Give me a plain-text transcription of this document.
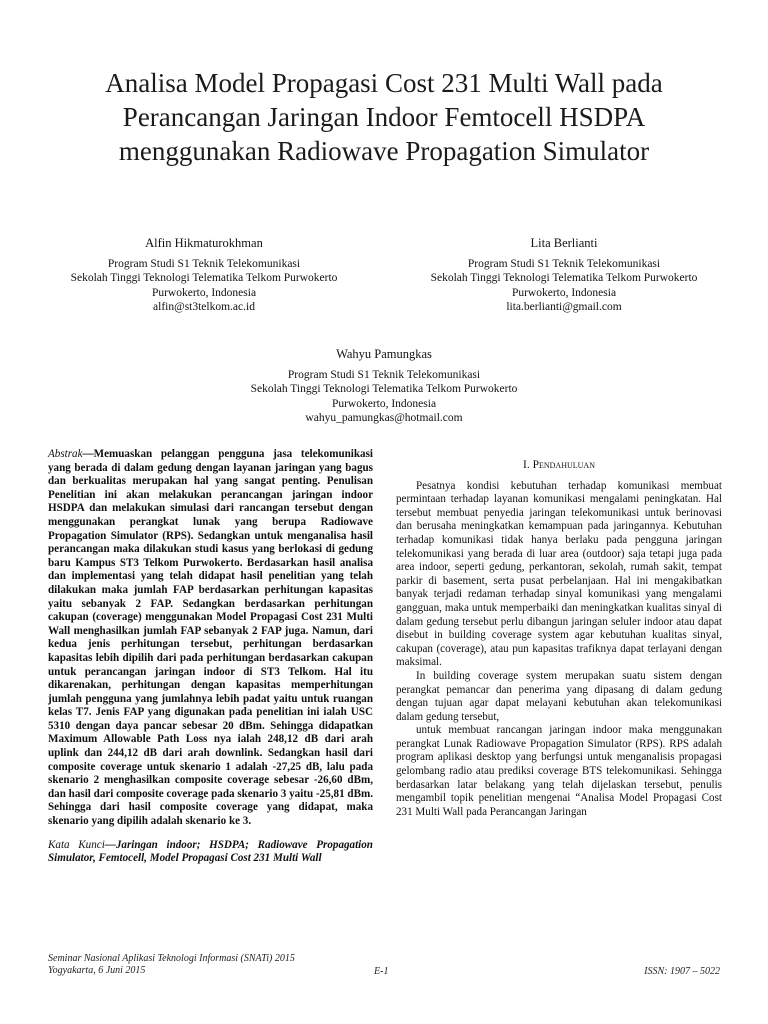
Analisa Model Propagasi Cost 231 Multi Wall pada
Perancangan Jaringan Indoor Femtocell HSDPA
menggunakan Radiowave Propagation Simulator
Alfin Hikmaturokhman
Program Studi S1 Teknik Telekomunikasi
Sekolah Tinggi Teknologi Telematika Telkom Purwokerto
Purwokerto, Indonesia
alfin@st3telkom.ac.id
Lita Berlianti
Program Studi S1 Teknik Telekomunikasi
Sekolah Tinggi Teknologi Telematika Telkom Purwokerto
Purwokerto, Indonesia
lita.berlianti@gmail.com
Wahyu Pamungkas
Program Studi S1 Teknik Telekomunikasi
Sekolah Tinggi Teknologi Telematika Telkom Purwokerto
Purwokerto, Indonesia
wahyu_pamungkas@hotmail.com
Abstrak—Memuaskan pelanggan pengguna jasa telekomunikasi yang berada di dalam gedung dengan layanan jaringan yang bagus dan berkualitas merupakan hal yang sangat penting. Penulisan Penelitian ini akan melakukan perancangan jaringan indoor HSDPA dan melakukan simulasi dari rancangan tersebut dengan menggunakan perangkat lunak yang berupa Radiowave Propagation Simulator (RPS). Sedangkan untuk menganalisa hasil perancangan maka dilakukan studi kasus yang berlokasi di gedung baru Kampus ST3 Telkom Purwokerto. Berdasarkan hasil analisa dan implementasi yang telah didapat hasil penelitian yang telah dilakukan maka jumlah FAP berdasarkan perhitungan kapasitas yaitu sebanyak 2 FAP. Sedangkan berdasarkan perhitungan cakupan (coverage) menggunakan Model Propagasi Cost 231 Multi Wall menghasilkan jumlah FAP sebanyak 2 FAP juga. Namun, dari kedua jenis perhitungan tersebut, perhitungan berdasarkan kapasitas lebih dipilih dari pada perhitungan berdasarkan cakupan untuk perancangan jaringan indoor di ST3 Telkom. Hal itu dikarenakan, perhitungan dengan kapasitas memperhitungan jumlah pengguna yang jumlahnya lebih padat yaitu untuk ruangan kelas T7. Jenis FAP yang digunakan pada penelitian ini ialah USC 5310 dengan daya pancar sebesar 20 dBm. Sehingga didapatkan Maximum Allowable Path Loss nya ialah 248,12 dB dari arah uplink dan 244,12 dB dari arah downlink. Sedangkan hasil dari composite coverage untuk skenario 1 adalah -27,25 dB, lalu pada skenario 2 menghasilkan composite coverage sebesar -26,60 dBm, dan hasil dari composite coverage pada skenario 3 yaitu -25,81 dBm. Sehingga dari hasil composite coverage yang didapat, maka skenario yang dipilih adalah skenario ke 3.
Kata Kunci—Jaringan indoor; HSDPA; Radiowave Propagation Simulator, Femtocell, Model Propagasi Cost 231 Multi Wall
I. Pendahuluan

Pesatnya kondisi kebutuhan terhadap komunikasi membuat permintaan terhadap layanan komunikasi mengalami peningkatan. Hal tersebut membuat penyedia jaringan telekomunikasi untuk berinovasi dan berusaha meningkatkan kemampuan pada jaringannya. Kebutuhan terhadap komunikasi tidak hanya berlaku pada pengguna jaringan telekomunikasi yang berada di luar area (outdoor) saja tetapi juga pada area indoor, seperti gedung, perkantoran, sekolah, rumah sakit, tempat parkir di basement, serta pusat perbelanjaan. Hal ini mengakibatkan banyak terjadi redaman terhadap sinyal komunikasi yang mengalami gangguan, maka untuk memperbaiki dan meningkatkan kualitas sinyal di dalam gedung tersebut perlu dibangun jaringan seluler indoor atau dapat disebut in building coverage system agar kebutuhan kualitas sinyal, cakupan (coverage), atau pun kapasitas trafiknya dapat terlayani dengan maksimal.

In building coverage system merupakan suatu sistem dengan perangkat pemancar dan penerima yang dipasang di dalam gedung dengan tujuan agar dapat melayani kebutuhan akan telekomunikasi dalam gedung tersebut,

untuk membuat rancangan jaringan indoor maka menggunakan perangkat Lunak Radiowave Propagation Simulator (RPS). RPS adalah program aplikasi desktop yang berfungsi untuk menganalisis propagasi gelombang radio atau prediksi coverage BTS telekomunikasi. Sehingga berdasarkan latar belakang yang telah dijelaskan tersebut, penulis mengambil topik penelitian mengenai “Analisa Model Propagasi Cost 231 Multi Wall pada Perancangan Jaringan

Seminar Nasional Aplikasi Teknologi Informasi (SNATi) 2015
Yogyakarta, 6 Juni 2015	E-1	ISSN: 1907 – 5022
